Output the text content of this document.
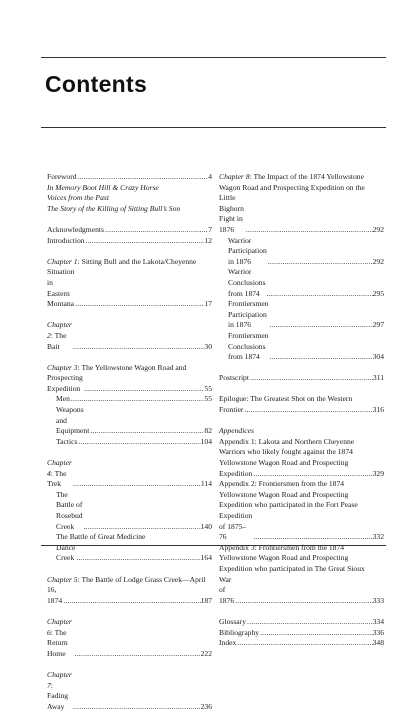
Contents
Foreword .....	4
In Memory Boot Hill & Crazy Horse
Voices from the Past
The Story of the Killing of Sitting Bull’s Son
Acknowledgments .....	7
Introduction .....	12
Chapter 1: Sitting Bull and the Lakota/Cheyenne
Situation in Eastern Montana .....	17
Chapter 2: The Bait .....	30
Chapter 3: The Yellowstone Wagon Road and
Prospecting Expedition .....	55
Men .....	55
Weapons and Equipment .....	82
Tactics .....	104
Chapter 4: The Trek .....	114
The Battle of Rosebud Creek .....	140
The Battle of Great Medicine
Dance Creek .....	164
Chapter 5: The Battle of Lodge Grass Creek—April
16, 1874 .....	187
Chapter 6: The Return Home .....	222
Chapter 7: Fading Away .....	236
Chapter 8: The Impact of the 1874 Yellowstone
Wagon Road and Prospecting Expedition on the
Little Bighorn Fight in 1876 .....	292
Warrior Participation in 1876 .....	292
Warrior Conclusions from 1874 .....	295
Frontiersmen Participation in 1876 .....	297
Frontiersmen Conclusions from 1874 .....	304
Postscript .....	311
Epilogue: The Greatest Shot on the Western
Frontier .....	316
Appendices
Appendix 1: Lakota and Northern Cheyenne
Warriors who likely fought against the 1874
Yellowstone Wagon Road and Prospecting
Expedition .....	329
Appendix 2: Frontiersmen from the 1874
Yellowstone Wagon Road and Prospecting
Expedition who participated in the Fort Pease
Expedition of 1875–76 .....	332
Appendix 3: Frontiersmen from the 1874
Yellowstone Wagon Road and Prospecting
Expedition who participated in The Great Sioux
War of 1876 .....	333
Glossary .....	334
Bibliography .....	336
Index .....	348
